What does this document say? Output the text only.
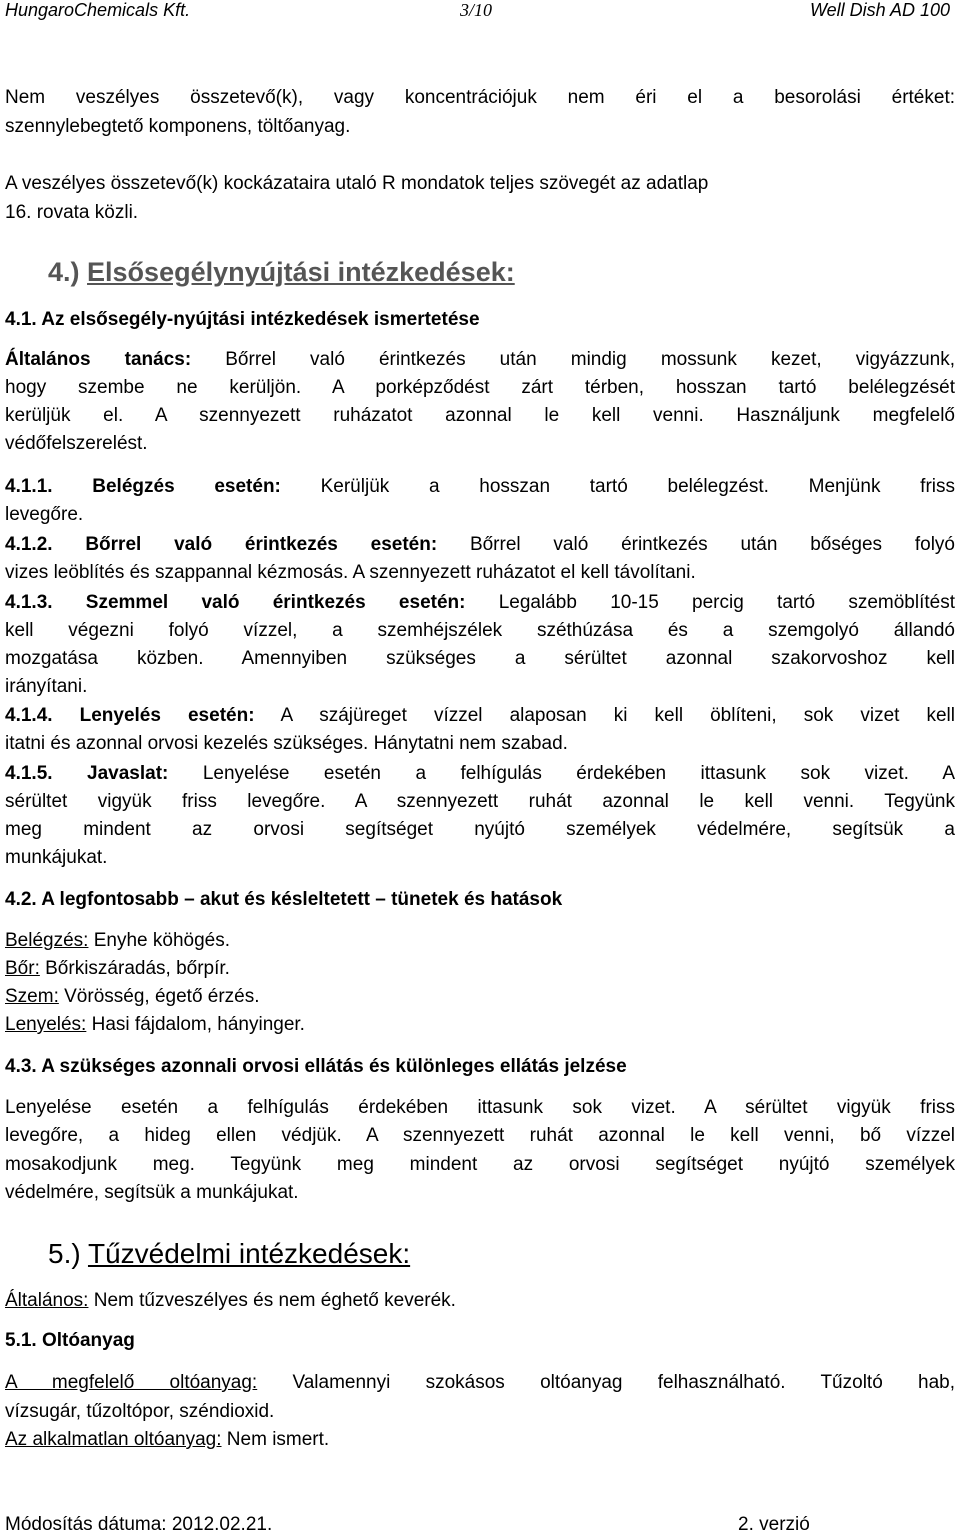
HungaroChemicals Kft.	3/10	Well Dish AD 100
Nem veszélyes összetevő(k), vagy koncentrációjuk nem éri el a besorolási értéket:
szennylebegtető komponens, töltőanyag.
A veszélyes összetevő(k) kockázataira utaló R mondatok teljes szövegét az adatlap
16. rovata közli.
4.) Elsősegélynyújtási intézkedések:
4.1. Az elsősegély-nyújtási intézkedések ismertetése
Általános tanács: Bőrrel való érintkezés után mindig mossunk kezet, vigyázzunk,
hogy szembe ne kerüljön. A porképződést zárt térben, hosszan tartó belélegzését
kerüljük el. A szennyezett ruházatot azonnal le kell venni. Használjunk megfelelő
védőfelszerelést.
4.1.1. Belégzés esetén: Kerüljük a hosszan tartó belélegzést. Menjünk friss
levegőre.
4.1.2. Bőrrel való érintkezés esetén: Bőrrel való érintkezés után bőséges folyó
vizes leöblítés és szappannal kézmosás. A szennyezett ruházatot el kell távolítani.
4.1.3. Szemmel való érintkezés esetén: Legalább 10-15 percig tartó szemöblítést
kell végezni folyó vízzel, a szemhéjszélek széthúzása és a szemgolyó állandó
mozgatása közben. Amennyiben szükséges a sérültet azonnal szakorvoshoz kell
irányítani.
4.1.4. Lenyelés esetén: A szájüreget vízzel alaposan ki kell öblíteni, sok vizet kell
itatni és azonnal orvosi kezelés szükséges. Hánytatni nem szabad.
4.1.5. Javaslat: Lenyelése esetén a felhígulás érdekében ittasunk sok vizet. A
sérültet vigyük friss levegőre. A szennyezett ruhát azonnal le kell venni. Tegyünk
meg mindent az orvosi segítséget nyújtó személyek védelmére, segítsük a
munkájukat.
4.2. A legfontosabb – akut és késleltetett – tünetek és hatások
Belégzés: Enyhe köhögés.
Bőr: Bőrkiszáradás, bőrpír.
Szem: Vörösség, égető érzés.
Lenyelés: Hasi fájdalom, hányinger.
4.3. A szükséges azonnali orvosi ellátás és különleges ellátás jelzése
Lenyelése esetén a felhígulás érdekében ittasunk sok vizet. A sérültet vigyük friss
levegőre, a hideg ellen védjük. A szennyezett ruhát azonnal le kell venni, bő vízzel
mosakodjunk meg. Tegyünk meg mindent az orvosi segítséget nyújtó személyek
védelmére, segítsük a munkájukat.
5.) Tűzvédelmi intézkedések:
Általános: Nem tűzveszélyes és nem éghető keverék.
5.1. Oltóanyag
A megfelelő oltóanyag: Valamennyi szokásos oltóanyag felhasználható. Tűzoltó hab,
vízsugár, tűzoltópor, széndioxid.
Az alkalmatlan oltóanyag: Nem ismert.
Módosítás dátuma: 2012.02.21.	2. verzió
